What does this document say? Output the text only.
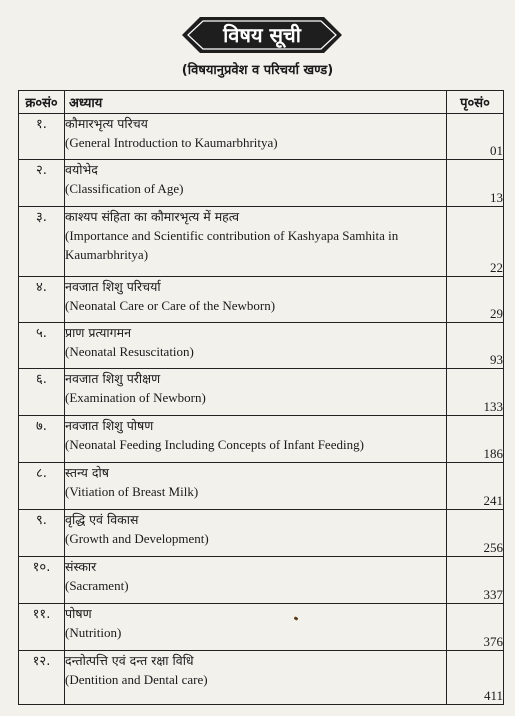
विषय सूची
(विषयानुप्रवेश व परिचर्या खण्ड)
क्र०सं०	अध्याय	पृ०सं०
१.	कौमारभृत्य परिचय
(General Introduction to Kaumarbhritya)	01
२.	वयोभेद
(Classification of Age)	13
३.	काश्यप संहिता का कौमारभृत्य में महत्व
(Importance and Scientific contribution of Kashyapa Samhita in Kaumarbhritya)	22
४.	नवजात शिशु परिचर्या
(Neonatal Care or Care of the Newborn)	29
५.	प्राण प्रत्यागमन
(Neonatal Resuscitation)	93
६.	नवजात शिशु परीक्षण
(Examination of Newborn)	133
७.	नवजात शिशु पोषण
(Neonatal Feeding Including Concepts of Infant Feeding)	186
८.	स्तन्य दोष
(Vitiation of Breast Milk)	241
९.	वृद्धि एवं विकास
(Growth and Development)	256
१०.	संस्कार
(Sacrament)	337
११.	पोषण
(Nutrition)	376
१२.	दन्तोत्पत्ति एवं दन्त रक्षा विधि
(Dentition and Dental care)	411
